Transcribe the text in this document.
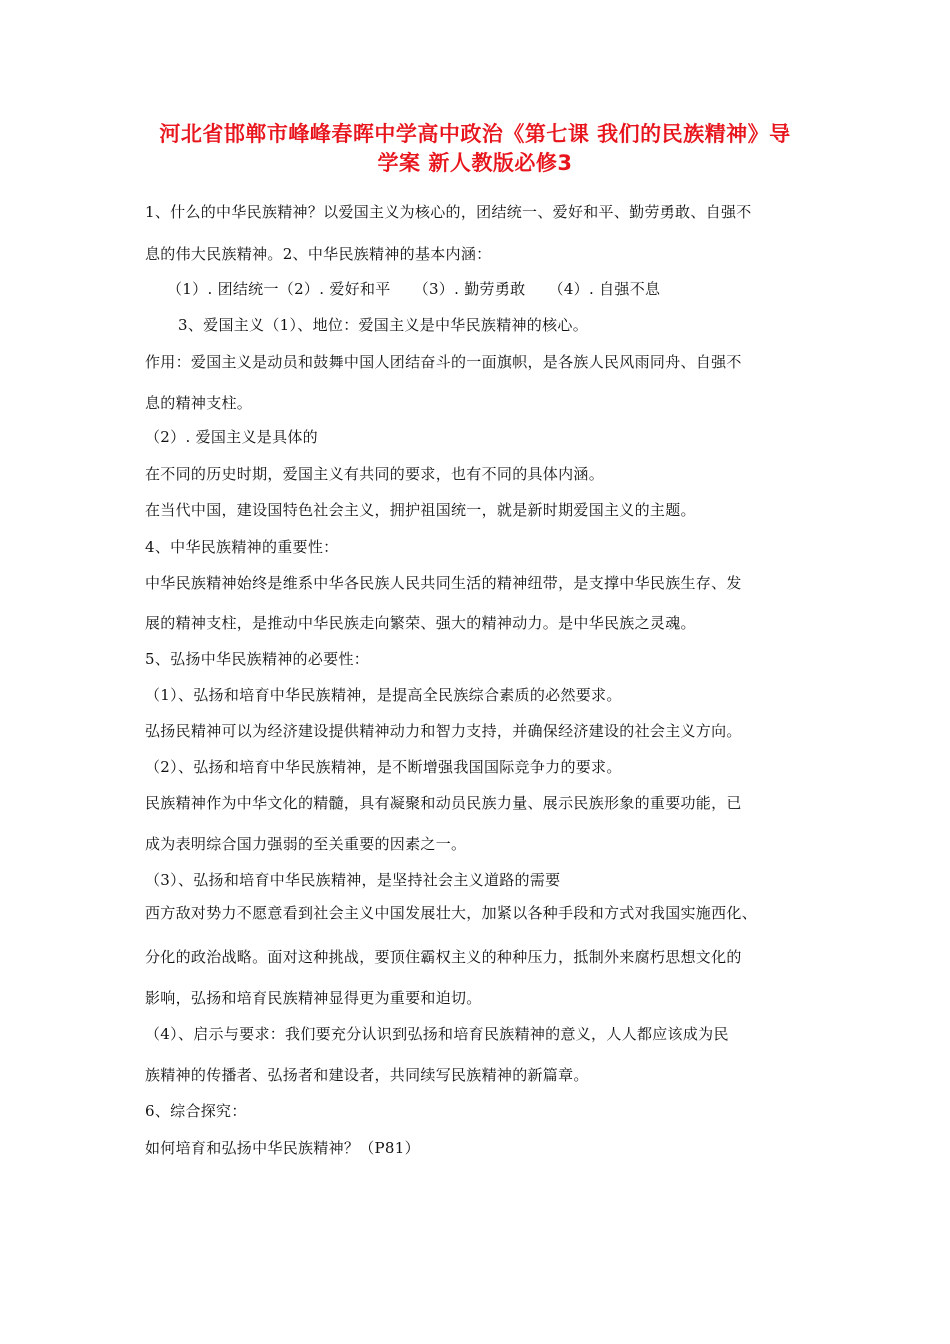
河北省邯郸市峰峰春晖中学高中政治《第七课 我们的民族精神》导
学案 新人教版必修3
1、什么的中华民族精神？以爱国主义为核心的，团结统一、爱好和平、勤劳勇敢、自强不
息的伟大民族精神。2、中华民族精神的基本内涵：
（1）. 团结统一（2）. 爱好和平　　（3）. 勤劳勇敢　　（4）. 自强不息
3、爱国主义（1）、地位：爱国主义是中华民族精神的核心。
作用：爱国主义是动员和鼓舞中国人团结奋斗的一面旗帜，是各族人民风雨同舟、自强不
息的精神支柱。
（2）. 爱国主义是具体的
在不同的历史时期，爱国主义有共同的要求，也有不同的具体内涵。
在当代中国，建设国特色社会主义，拥护祖国统一，就是新时期爱国主义的主题。
4、中华民族精神的重要性：
中华民族精神始终是维系中华各民族人民共同生活的精神纽带，是支撑中华民族生存、发
展的精神支柱，是推动中华民族走向繁荣、强大的精神动力。是中华民族之灵魂。
5、弘扬中华民族精神的必要性：
（1）、弘扬和培育中华民族精神，是提高全民族综合素质的必然要求。
弘扬民精神可以为经济建设提供精神动力和智力支持，并确保经济建设的社会主义方向。
（2）、弘扬和培育中华民族精神，是不断增强我国国际竞争力的要求。
民族精神作为中华文化的精髓，具有凝聚和动员民族力量、展示民族形象的重要功能，已
成为表明综合国力强弱的至关重要的因素之一。
（3）、弘扬和培育中华民族精神，是坚持社会主义道路的需要
西方敌对势力不愿意看到社会主义中国发展壮大，加紧以各种手段和方式对我国实施西化、
分化的政治战略。面对这种挑战，要顶住霸权主义的种种压力，抵制外来腐朽思想文化的
影响，弘扬和培育民族精神显得更为重要和迫切。
（4）、启示与要求：我们要充分认识到弘扬和培育民族精神的意义，人人都应该成为民
族精神的传播者、弘扬者和建设者，共同续写民族精神的新篇章。
6、综合探究：
如何培育和弘扬中华民族精神？（P81）
